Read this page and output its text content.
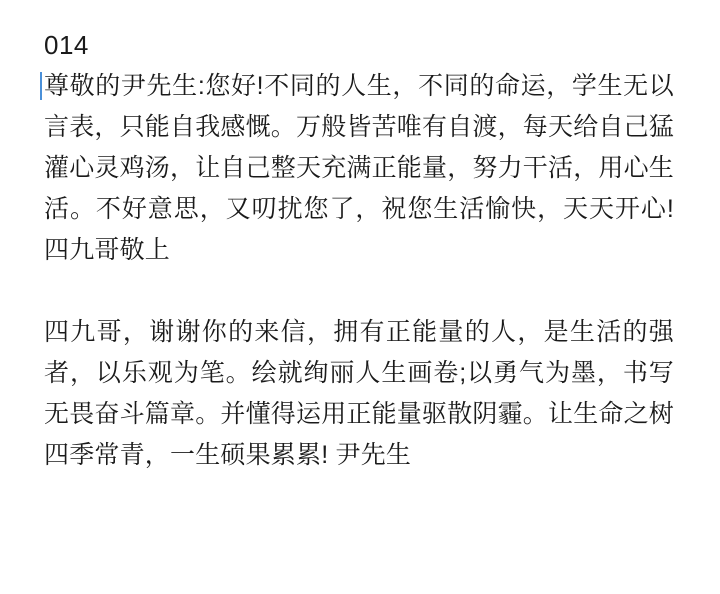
014

尊敬的尹先生:您好!不同的人生，不同的命运，学生无以言表，只能自我感慨。万般皆苦唯有自渡，每天给自己猛灌心灵鸡汤，让自己整天充满正能量，努力干活，用心生活。不好意思，又叨扰您了，祝您生活愉快，天天开心!四九哥敬上

四九哥，谢谢你的来信，拥有正能量的人，是生活的强者，以乐观为笔。绘就绚丽人生画卷;以勇气为墨，书写无畏奋斗篇章。并懂得运用正能量驱散阴霾。让生命之树四季常青，一生硕果累累! 尹先生
